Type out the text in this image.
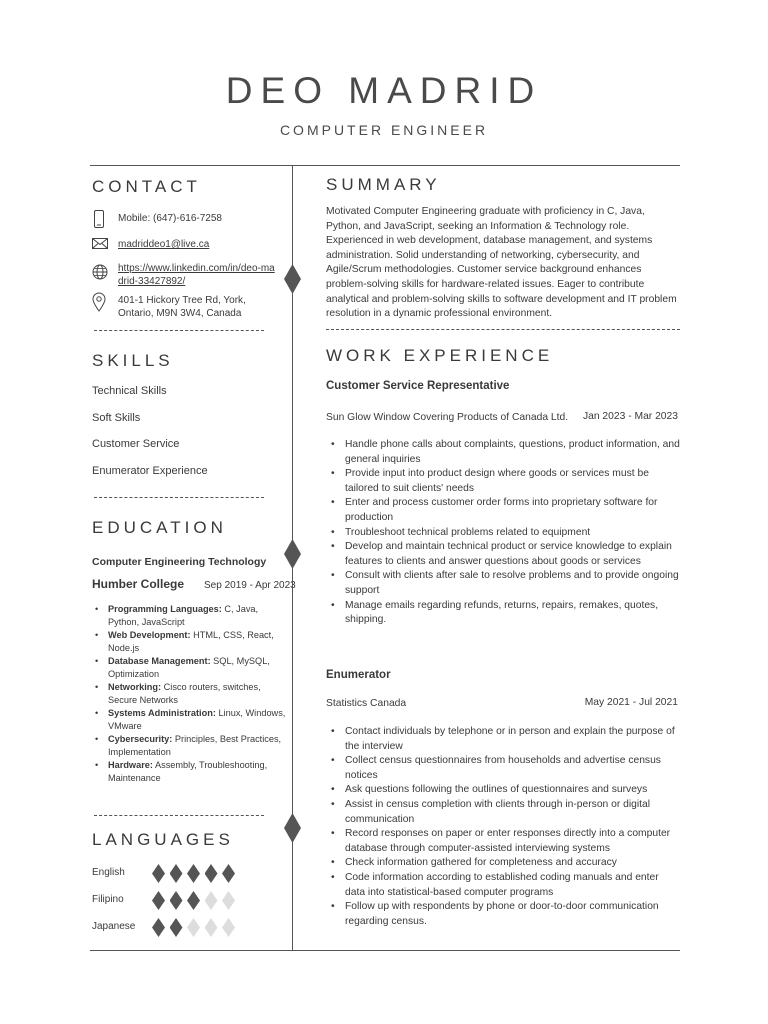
DEO MADRID
COMPUTER ENGINEER
CONTACT
Mobile: (647)-616-7258
madriddeo1@live.ca
https://www.linkedin.com/in/deo-madrid-33427892/
401-1 Hickory Tree Rd, York, Ontario, M9N 3W4, Canada
SKILLS
Technical Skills
Soft Skills
Customer Service
Enumerator Experience
EDUCATION
Computer Engineering Technology
Humber College Sep 2019 - Apr 2023
• Programming Languages: C, Java, Python, JavaScript
• Web Development: HTML, CSS, React, Node.js
• Database Management: SQL, MySQL, Optimization
• Networking: Cisco routers, switches, Secure Networks
• Systems Administration: Linux, Windows, VMware
• Cybersecurity: Principles, Best Practices, Implementation
• Hardware: Assembly, Troubleshooting, Maintenance
LANGUAGES
English
Filipino
Japanese
SUMMARY
Motivated Computer Engineering graduate with proficiency in C, Java, Python, and JavaScript, seeking an Information & Technology role. Experienced in web development, database management, and systems administration. Solid understanding of networking, cybersecurity, and Agile/Scrum methodologies. Customer service background enhances problem-solving skills for hardware-related issues. Eager to contribute analytical and problem-solving skills to software development and IT problem resolution in a dynamic professional environment.
WORK EXPERIENCE
Customer Service Representative
Sun Glow Window Covering Products of Canada Ltd. Jan 2023 - Mar 2023
• Handle phone calls about complaints, questions, product information, and general inquiries
• Provide input into product design where goods or services must be tailored to suit clients' needs
• Enter and process customer order forms into proprietary software for production
• Troubleshoot technical problems related to equipment
• Develop and maintain technical product or service knowledge to explain features to clients and answer questions about goods or services
• Consult with clients after sale to resolve problems and to provide ongoing support
• Manage emails regarding refunds, returns, repairs, remakes, quotes, shipping.
Enumerator
Statistics Canada	May 2021 - Jul 2021
• Contact individuals by telephone or in person and explain the purpose of the interview
• Collect census questionnaires from households and advertise census notices
• Ask questions following the outlines of questionnaires and surveys
• Assist in census completion with clients through in-person or digital communication
• Record responses on paper or enter responses directly into a computer database through computer-assisted interviewing systems
• Check information gathered for completeness and accuracy
• Code information according to established coding manuals and enter data into statistical-based computer programs
• Follow up with respondents by phone or door-to-door communication regarding census.
